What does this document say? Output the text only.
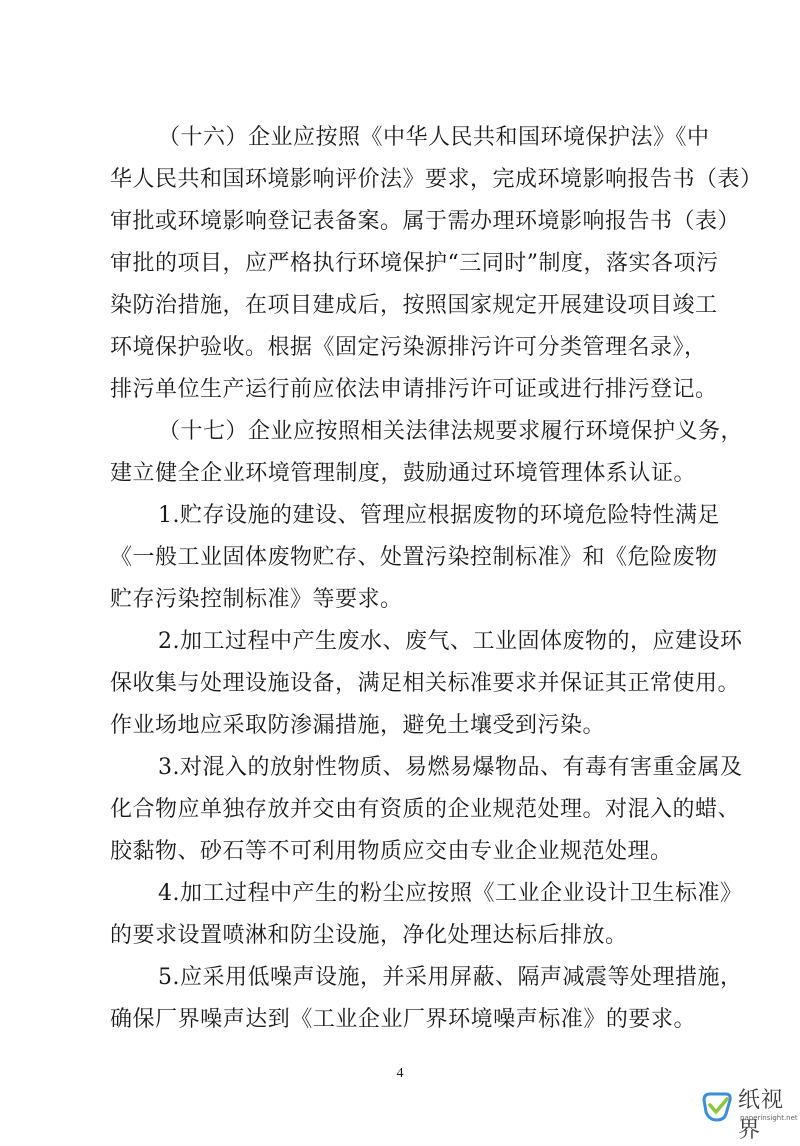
（十六）企业应按照《中华人民共和国环境保护法》《中
华人民共和国环境影响评价法》要求，完成环境影响报告书（表）
审批或环境影响登记表备案。属于需办理环境影响报告书（表）
审批的项目，应严格执行环境保护“三同时”制度，落实各项污
染防治措施，在项目建成后，按照国家规定开展建设项目竣工
环境保护验收。根据《固定污染源排污许可分类管理名录》，
排污单位生产运行前应依法申请排污许可证或进行排污登记。
（十七）企业应按照相关法律法规要求履行环境保护义务，
建立健全企业环境管理制度，鼓励通过环境管理体系认证。
1.贮存设施的建设、管理应根据废物的环境危险特性满足
《一般工业固体废物贮存、处置污染控制标准》和《危险废物
贮存污染控制标准》等要求。
2.加工过程中产生废水、废气、工业固体废物的，应建设环
保收集与处理设施设备，满足相关标准要求并保证其正常使用。
作业场地应采取防渗漏措施，避免土壤受到污染。
3.对混入的放射性物质、易燃易爆物品、有毒有害重金属及
化合物应单独存放并交由有资质的企业规范处理。对混入的蜡、
胶黏物、砂石等不可利用物质应交由专业企业规范处理。
4.加工过程中产生的粉尘应按照《工业企业设计卫生标准》
的要求设置喷淋和防尘设施，净化处理达标后排放。
5.应采用低噪声设施，并采用屏蔽、隔声减震等处理措施，
确保厂界噪声达到《工业企业厂界环境噪声标准》的要求。
4
纸视界
paperinsight.net
